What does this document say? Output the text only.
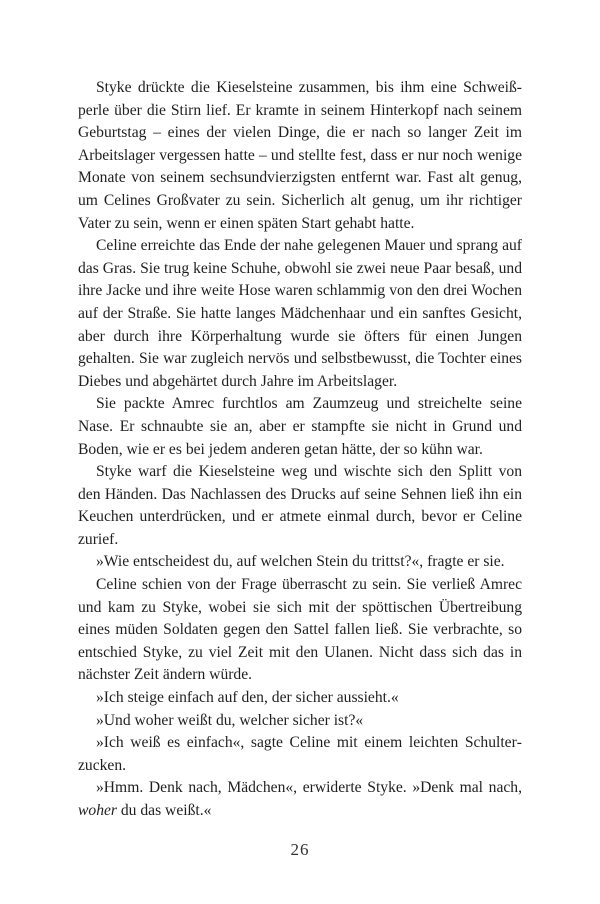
Styke drückte die Kieselsteine zusammen, bis ihm eine Schweißperle über die Stirn lief. Er kramte in seinem Hinterkopf nach seinem Geburtstag – eines der vielen Dinge, die er nach so langer Zeit im Arbeitslager vergessen hatte – und stellte fest, dass er nur noch wenige Monate von seinem sechsundvierzigsten entfernt war. Fast alt genug, um Celines Großvater zu sein. Sicherlich alt genug, um ihr richtiger Vater zu sein, wenn er einen späten Start gehabt hatte.

Celine erreichte das Ende der nahe gelegenen Mauer und sprang auf das Gras. Sie trug keine Schuhe, obwohl sie zwei neue Paar besaß, und ihre Jacke und ihre weite Hose waren schlammig von den drei Wochen auf der Straße. Sie hatte langes Mädchenhaar und ein sanftes Gesicht, aber durch ihre Körperhaltung wurde sie öfters für einen Jungen gehalten. Sie war zugleich nervös und selbstbewusst, die Tochter eines Diebes und abgehärtet durch Jahre im Arbeitslager.

Sie packte Amrec furchtlos am Zaumzeug und streichelte seine Nase. Er schnaubte sie an, aber er stampfte sie nicht in Grund und Boden, wie er es bei jedem anderen getan hätte, der so kühn war.

Styke warf die Kieselsteine weg und wischte sich den Splitt von den Händen. Das Nachlassen des Drucks auf seine Sehnen ließ ihn ein Keuchen unterdrücken, und er atmete einmal durch, bevor er Celine zurief.

»Wie entscheidest du, auf welchen Stein du trittst?«, fragte er sie.

Celine schien von der Frage überrascht zu sein. Sie verließ Amrec und kam zu Styke, wobei sie sich mit der spöttischen Übertreibung eines müden Soldaten gegen den Sattel fallen ließ. Sie verbrachte, so entschied Styke, zu viel Zeit mit den Ulanen. Nicht dass sich das in nächster Zeit ändern würde.

»Ich steige einfach auf den, der sicher aussieht.«

»Und woher weißt du, welcher sicher ist?«

»Ich weiß es einfach«, sagte Celine mit einem leichten Schulterzucken.

»Hmm. Denk nach, Mädchen«, erwiderte Styke. »Denk mal nach, woher du das weißt.«

26
